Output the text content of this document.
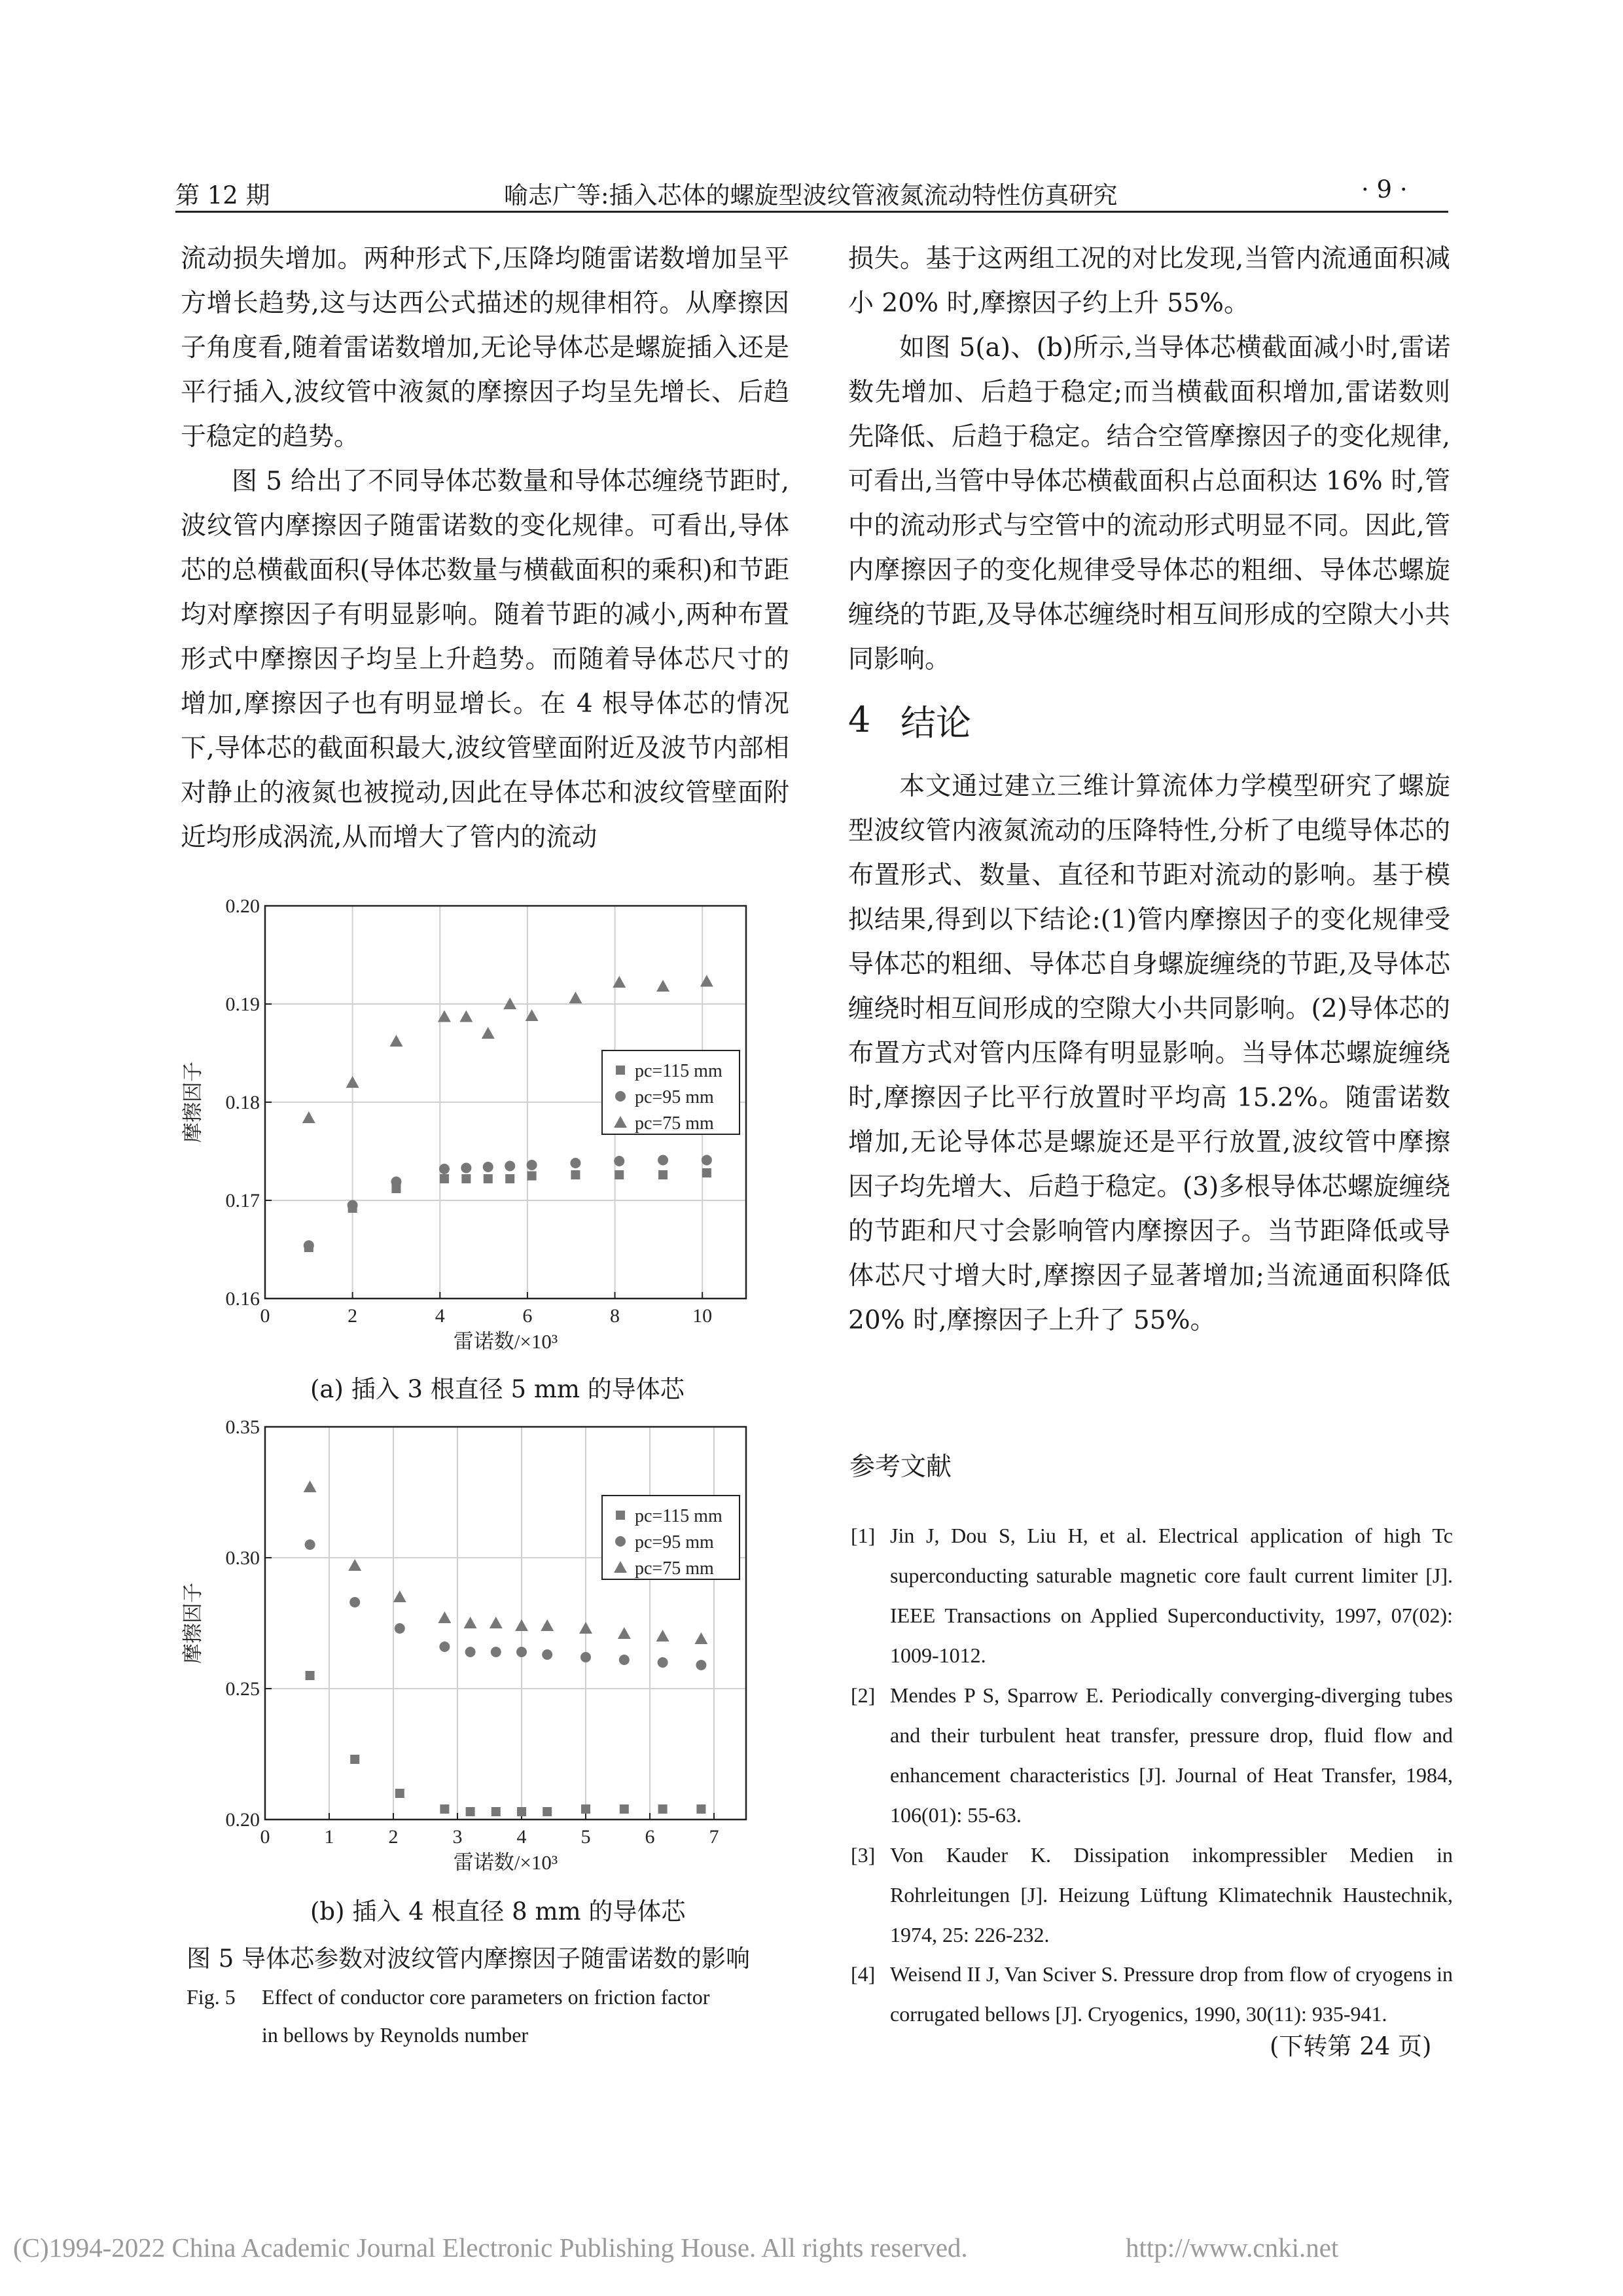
第 12 期	喻志广等:插入芯体的螺旋型波纹管液氮流动特性仿真研究	· 9 ·

流动损失增加。两种形式下,压降均随雷诺数增加呈平方增长趋势,这与达西公式描述的规律相符。从摩擦因子角度看,随着雷诺数增加,无论导体芯是螺旋插入还是平行插入,波纹管中液氮的摩擦因子均呈先增长、后趋于稳定的趋势。

图 5 给出了不同导体芯数量和导体芯缠绕节距时,波纹管内摩擦因子随雷诺数的变化规律。可看出,导体芯的总横截面积(导体芯数量与横截面积的乘积)和节距均对摩擦因子有明显影响。随着节距的减小,两种布置形式中摩擦因子均呈上升趋势。而随着导体芯尺寸的增加,摩擦因子也有明显增长。在 4 根导体芯的情况下,导体芯的截面积最大,波纹管壁面附近及波节内部相对静止的液氮也被搅动,因此在导体芯和波纹管壁面附近均形成涡流,从而增大了管内的流动

0	2	4	6	8	10
0.16
0.17
0.18
0.19
0.20
雷诺数/×10³
摩擦因子	pc=115 mm
pc=95 mm
pc=75 mm
(a) 插入 3 根直径 5 mm 的导体芯
0	1	2	3	4	5	6	7
0.20
0.25
0.30
0.35
雷诺数/×10³
摩擦因子
pc=115 mm
pc=95 mm
pc=75 mm
(b) 插入 4 根直径 8 mm 的导体芯
图 5 导体芯参数对波纹管内摩擦因子随雷诺数的影响
Fig. 5 Effect of conductor core parameters on friction factor
in bellows by Reynolds number

损失。基于这两组工况的对比发现,当管内流通面积减小 20% 时,摩擦因子约上升 55%。

如图 5(a)、(b)所示,当导体芯横截面减小时,雷诺数先增加、后趋于稳定;而当横截面积增加,雷诺数则先降低、后趋于稳定。结合空管摩擦因子的变化规律,可看出,当管中导体芯横截面积占总面积达 16% 时,管中的流动形式与空管中的流动形式明显不同。因此,管内摩擦因子的变化规律受导体芯的粗细、导体芯螺旋缠绕的节距,及导体芯缠绕时相互间形成的空隙大小共同影响。

4 结论

本文通过建立三维计算流体力学模型研究了螺旋型波纹管内液氮流动的压降特性,分析了电缆导体芯的布置形式、数量、直径和节距对流动的影响。基于模拟结果,得到以下结论:(1)管内摩擦因子的变化规律受导体芯的粗细、导体芯自身螺旋缠绕的节距,及导体芯缠绕时相互间形成的空隙大小共同影响。(2)导体芯的布置方式对管内压降有明显影响。当导体芯螺旋缠绕时,摩擦因子比平行放置时平均高 15.2%。随雷诺数增加,无论导体芯是螺旋还是平行放置,波纹管中摩擦因子均先增大、后趋于稳定。(3)多根导体芯螺旋缠绕的节距和尺寸会影响管内摩擦因子。当节距降低或导体芯尺寸增大时,摩擦因子显著增加;当流通面积降低 20% 时,摩擦因子上升了 55%。

参考文献
[1] Jin J, Dou S, Liu H, et al. Electrical application of high Tc superconducting saturable magnetic core fault current limiter [J]. IEEE Transactions on Applied Superconductivity, 1997, 07(02): 1009-1012.
[2] Mendes P S, Sparrow E. Periodically converging-diverging tubes and their turbulent heat transfer, pressure drop, fluid flow and enhancement characteristics [J]. Journal of Heat Transfer, 1984, 106(01): 55-63.
[3] Von Kauder K. Dissipation inkompressibler Medien in Rohrleitungen [J]. Heizung Lüftung Klimatechnik Haustechnik, 1974, 25: 226-232.
[4] Weisend II J, Van Sciver S. Pressure drop from flow of cryogens in corrugated bellows [J]. Cryogenics, 1990, 30(11): 935-941.
(下转第 24 页)
(C)1994-2022 China Academic Journal Electronic Publishing House. All rights reserved.	http://www.cnki.net
